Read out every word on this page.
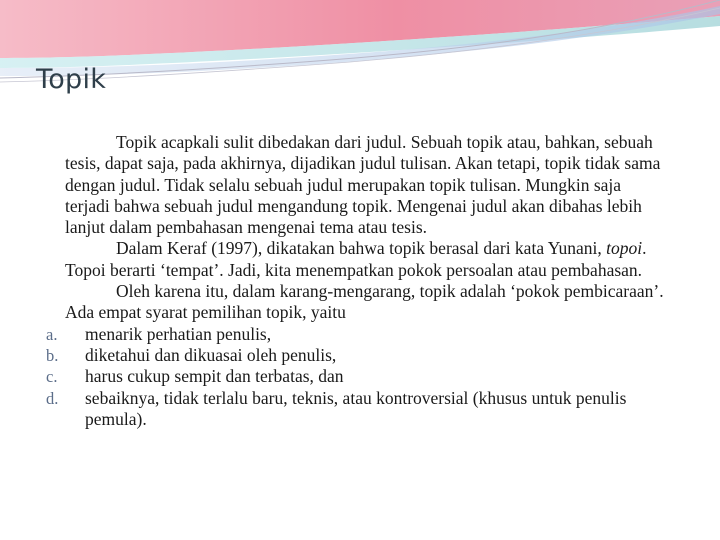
Topik

Topik acapkali sulit dibedakan dari judul. Sebuah topik atau, bahkan, sebuah tesis, dapat saja, pada akhirnya, dijadikan judul tulisan. Akan tetapi, topik tidak sama dengan judul. Tidak selalu sebuah judul merupakan topik tulisan. Mungkin saja terjadi bahwa sebuah judul mengandung topik. Mengenai judul akan dibahas lebih lanjut dalam pembahasan mengenai tema atau tesis.

Dalam Keraf (1997), dikatakan bahwa topik berasal dari kata Yunani, topoi. Topoi berarti ‘tempat’. Jadi, kita menempatkan pokok persoalan atau pembahasan.

Oleh karena itu, dalam karang-mengarang, topik adalah ‘pokok pembicaraan’. Ada empat syarat pemilihan topik, yaitu

a. menarik perhatian penulis,
b. diketahui dan dikuasai oleh penulis,
c. harus cukup sempit dan terbatas, dan
d. sebaiknya, tidak terlalu baru, teknis, atau kontroversial (khusus untuk penulis pemula).
